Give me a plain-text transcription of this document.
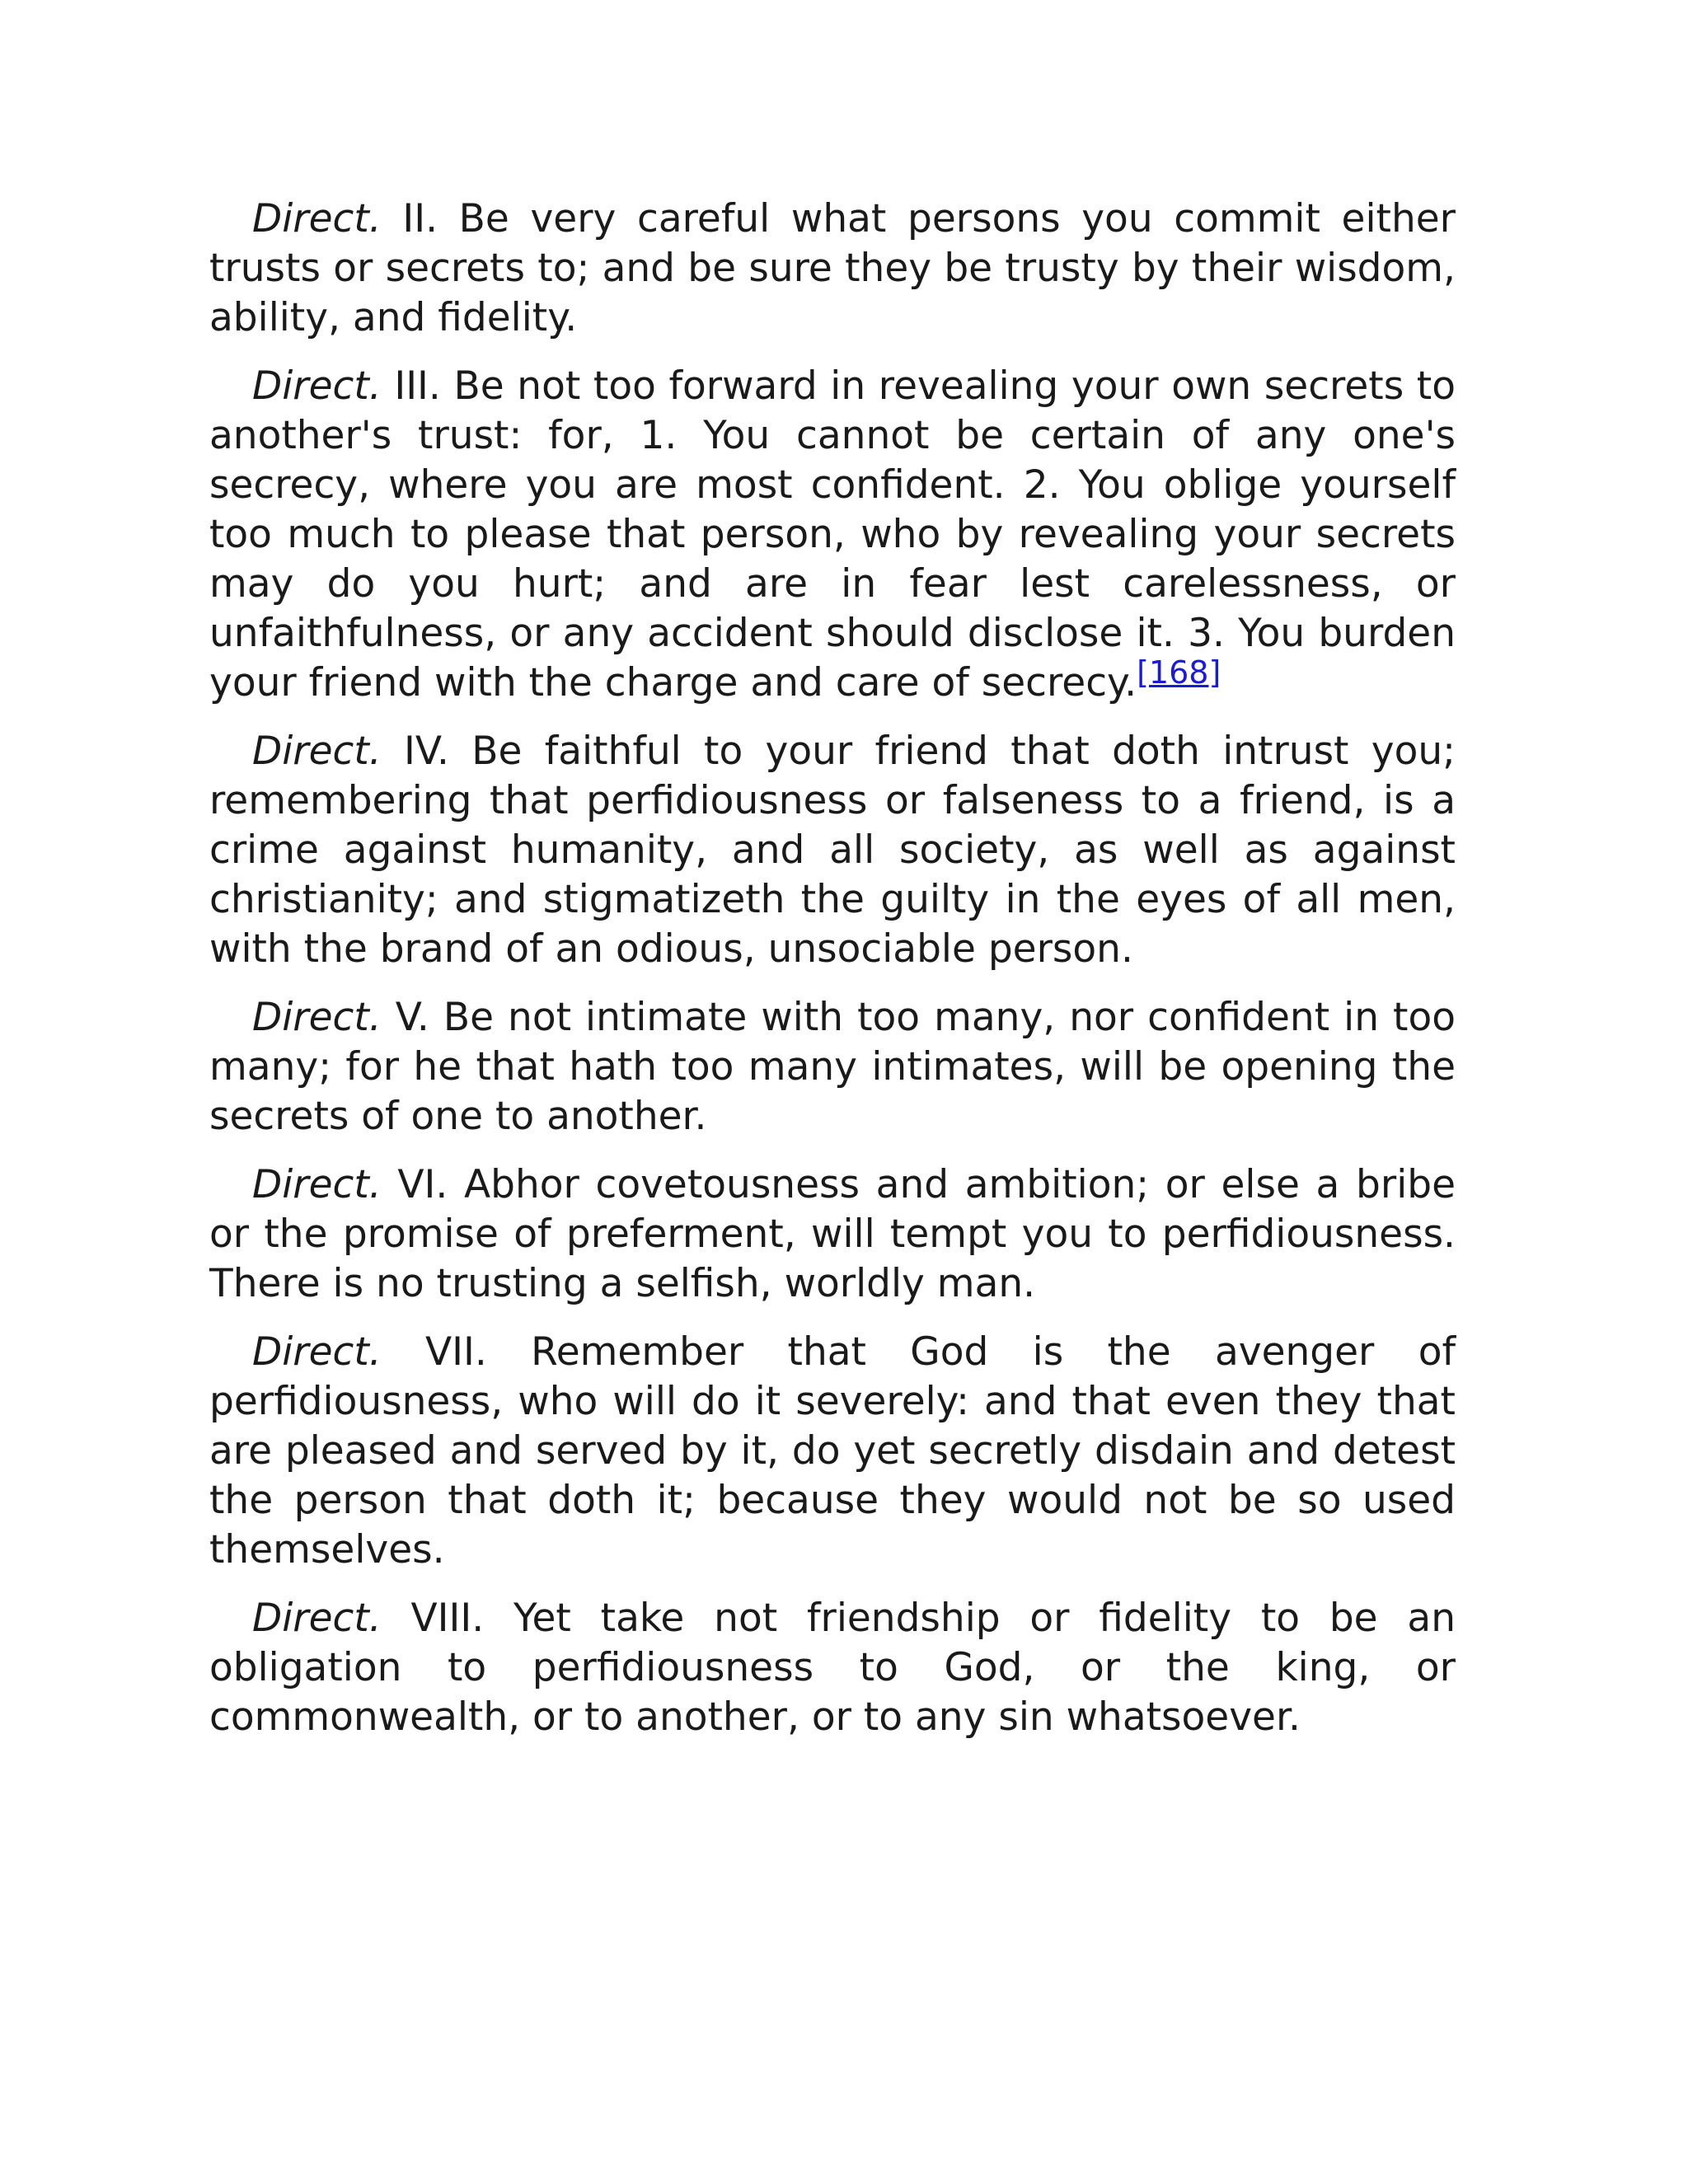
Direct. II. Be very careful what persons you commit either trusts or secrets to; and be sure they be trusty by their wisdom, ability, and fidelity.

Direct. III. Be not too forward in revealing your own secrets to another's trust: for, 1. You cannot be certain of any one's secrecy, where you are most confident. 2. You oblige yourself too much to please that person, who by revealing your secrets may do you hurt; and are in fear lest carelessness, or unfaithfulness, or any accident should disclose it. 3. You burden your friend with the charge and care of secrecy.[168]

Direct. IV. Be faithful to your friend that doth intrust you; remembering that perfidiousness or falseness to a friend, is a crime against humanity, and all society, as well as against christianity; and stigmatizeth the guilty in the eyes of all men, with the brand of an odious, unsociable person.

Direct. V. Be not intimate with too many, nor confident in too many; for he that hath too many intimates, will be opening the secrets of one to another.

Direct. VI. Abhor covetousness and ambition; or else a bribe or the promise of preferment, will tempt you to perfidiousness. There is no trusting a selfish, worldly man.

Direct. VII. Remember that God is the avenger of perfidiousness, who will do it severely: and that even they that are pleased and served by it, do yet secretly disdain and detest the person that doth it; because they would not be so used themselves.

Direct. VIII. Yet take not friendship or fidelity to be an obligation to perfidiousness to God, or the king, or commonwealth, or to another, or to any sin whatsoever.
